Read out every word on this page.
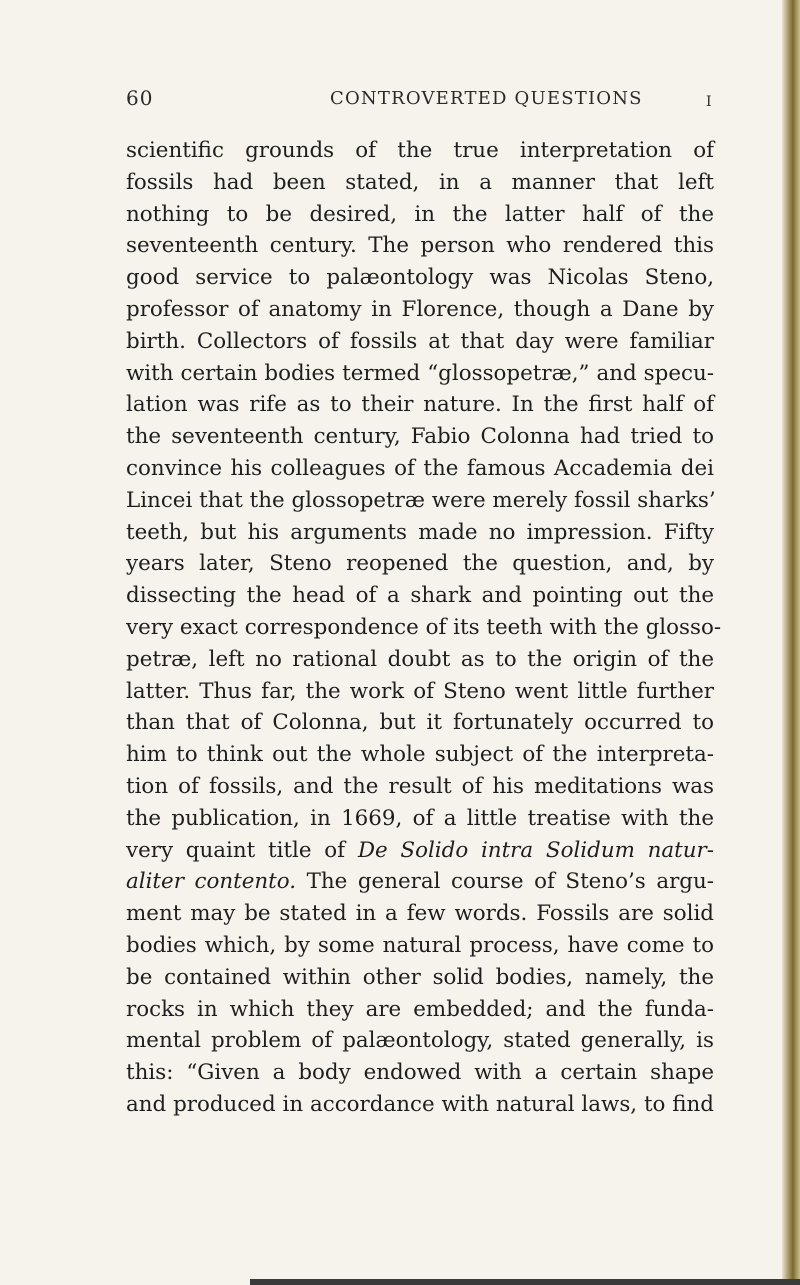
60	CONTROVERTED QUESTIONS	I
scientific grounds of the true interpretation of
fossils had been stated, in a manner that left
nothing to be desired, in the latter half of the
seventeenth century. The person who rendered this
good service to palæontology was Nicolas Steno,
professor of anatomy in Florence, though a Dane by
birth. Collectors of fossils at that day were familiar
with certain bodies termed “glossopetræ,” and specu-
lation was rife as to their nature. In the first half of
the seventeenth century, Fabio Colonna had tried to
convince his colleagues of the famous Accademia dei
Lincei that the glossopetræ were merely fossil sharks’
teeth, but his arguments made no impression. Fifty
years later, Steno reopened the question, and, by
dissecting the head of a shark and pointing out the
very exact correspondence of its teeth with the glosso-
petræ, left no rational doubt as to the origin of the
latter. Thus far, the work of Steno went little further
than that of Colonna, but it fortunately occurred to
him to think out the whole subject of the interpreta-
tion of fossils, and the result of his meditations was
the publication, in 1669, of a little treatise with the
very quaint title of De Solido intra Solidum natur-
aliter contento. The general course of Steno’s argu-
ment may be stated in a few words. Fossils are solid
bodies which, by some natural process, have come to
be contained within other solid bodies, namely, the
rocks in which they are embedded; and the funda-
mental problem of palæontology, stated generally, is
this: “Given a body endowed with a certain shape
and produced in accordance with natural laws, to find
